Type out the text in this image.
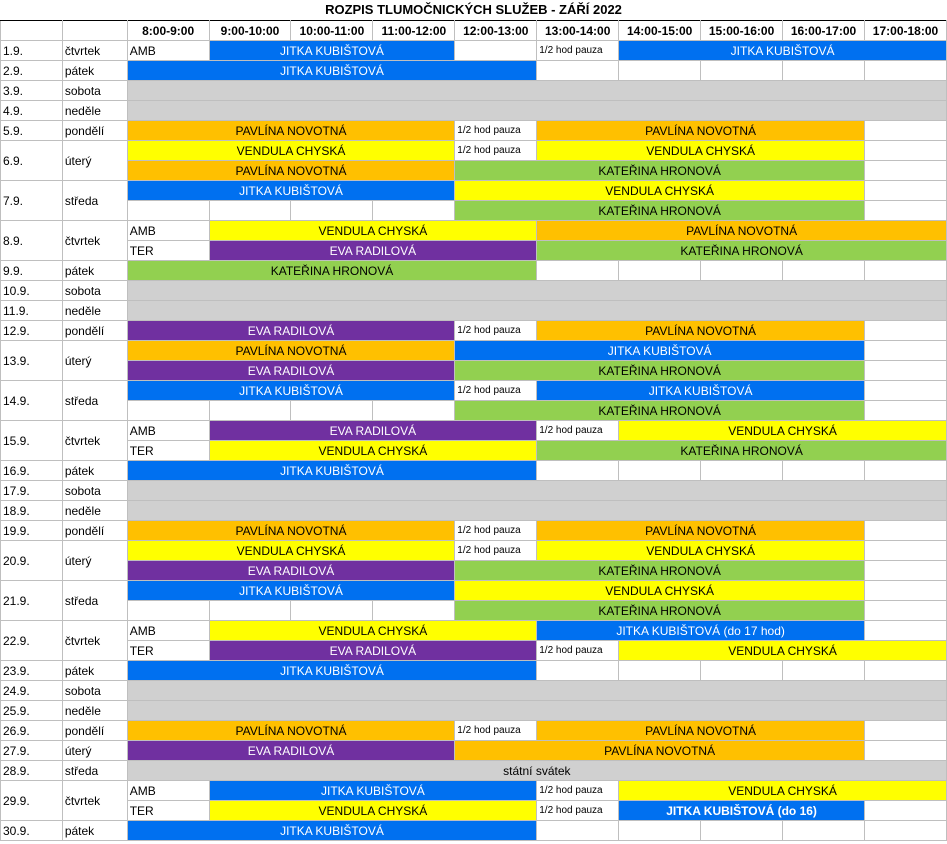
ROZPIS TLUMOČNICKÝCH SLUŽEB - ZÁŘÍ 2022
		8:00-9:00	9:00-10:00	10:00-11:00	11:00-12:00	12:00-13:00	13:00-14:00	14:00-15:00	15:00-16:00	16:00-17:00	17:00-18:00
1.9.	čtvrtek	AMB	JITKA KUBIŠTOVÁ				1/2 hod pauza	JITKA KUBIŠTOVÁ			
2.9.	pátek	JITKA KUBIŠTOVÁ									
3.9.	sobota										
4.9.	neděle										
5.9.	pondělí	PAVLÍNA NOVOTNÁ				1/2 hod pauza	PAVLÍNA NOVOTNÁ				
6.9.	úterý	VENDULA CHYSKÁ				1/2 hod pauza	VENDULA CHYSKÁ				
		PAVLÍNA NOVOTNÁ				KATEŘINA HRONOVÁ					
7.9.	středa	JITKA KUBIŠTOVÁ				VENDULA CHYSKÁ					
						KATEŘINA HRONOVÁ					
8.9.	čtvrtek	AMB	VENDULA CHYSKÁ				PAVLÍNA NOVOTNÁ				
		TER	EVA RADILOVÁ				KATEŘINA HRONOVÁ				
9.9.	pátek	KATEŘINA HRONOVÁ									
10.9.	sobota										
11.9.	neděle										
12.9.	pondělí	EVA RADILOVÁ				1/2 hod pauza	PAVLÍNA NOVOTNÁ				
13.9.	úterý	PAVLÍNA NOVOTNÁ				JITKA KUBIŠTOVÁ					
		EVA RADILOVÁ				KATEŘINA HRONOVÁ					
14.9.	středa	JITKA KUBIŠTOVÁ				1/2 hod pauza	JITKA KUBIŠTOVÁ				
						KATEŘINA HRONOVÁ					
15.9.	čtvrtek	AMB	EVA RADILOVÁ				1/2 hod pauza	VENDULA CHYSKÁ			
		TER	VENDULA CHYSKÁ				KATEŘINA HRONOVÁ				
16.9.	pátek	JITKA KUBIŠTOVÁ									
17.9.	sobota										
18.9.	neděle										
19.9.	pondělí	PAVLÍNA NOVOTNÁ				1/2 hod pauza	PAVLÍNA NOVOTNÁ				
20.9.	úterý	VENDULA CHYSKÁ				1/2 hod pauza	VENDULA CHYSKÁ				
		EVA RADILOVÁ				KATEŘINA HRONOVÁ					
21.9.	středa	JITKA KUBIŠTOVÁ				VENDULA CHYSKÁ					
						KATEŘINA HRONOVÁ					
22.9.	čtvrtek	AMB	VENDULA CHYSKÁ				JITKA KUBIŠTOVÁ (do 17 hod)				
		TER	EVA RADILOVÁ				1/2 hod pauza	VENDULA CHYSKÁ			
23.9.	pátek	JITKA KUBIŠTOVÁ									
24.9.	sobota										
25.9.	neděle										
26.9.	pondělí	PAVLÍNA NOVOTNÁ				1/2 hod pauza	PAVLÍNA NOVOTNÁ				
27.9.	úterý	EVA RADILOVÁ				PAVLÍNA NOVOTNÁ					
28.9.	středa	státní svátek									
29.9.	čtvrtek	AMB	JITKA KUBIŠTOVÁ				1/2 hod pauza	VENDULA CHYSKÁ			
		TER	VENDULA CHYSKÁ				1/2 hod pauza	JITKA KUBIŠTOVÁ (do 16)			
30.9.	pátek	JITKA KUBIŠTOVÁ									
